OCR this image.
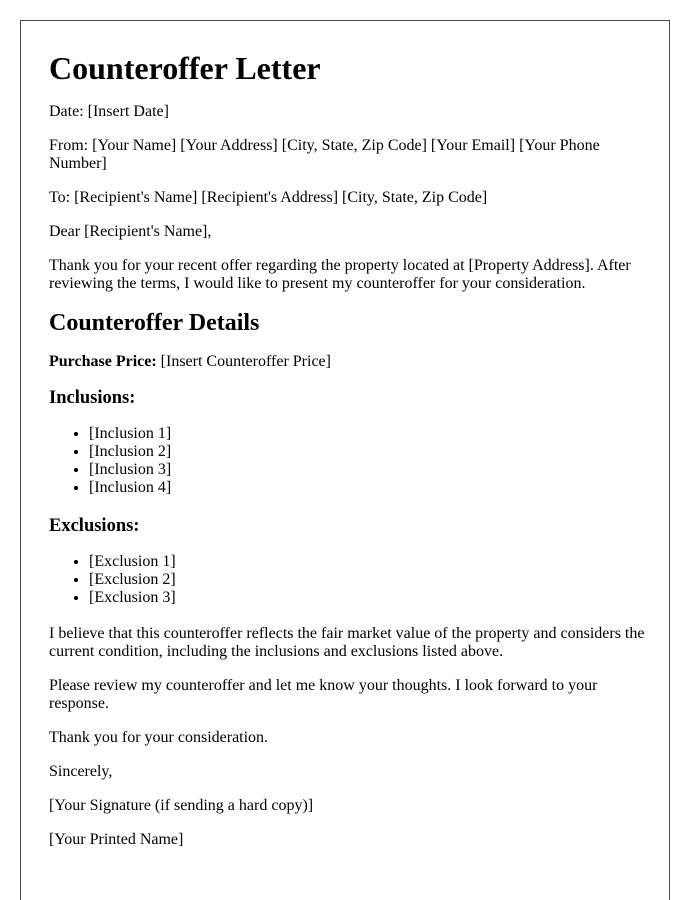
Counteroffer Letter

Date: [Insert Date]

From: [Your Name] [Your Address] [City, State, Zip Code] [Your Email] [Your Phone Number]

To: [Recipient's Name] [Recipient's Address] [City, State, Zip Code]

Dear [Recipient's Name],

Thank you for your recent offer regarding the property located at [Property Address]. After reviewing the terms, I would like to present my counteroffer for your consideration.

Counteroffer Details

Purchase Price: [Insert Counteroffer Price]

Inclusions:
• [Inclusion 1]
• [Inclusion 2]
• [Inclusion 3]
• [Inclusion 4]
Exclusions:
• [Exclusion 1]
• [Exclusion 2]
• [Exclusion 3]

I believe that this counteroffer reflects the fair market value of the property and considers the current condition, including the inclusions and exclusions listed above.

Please review my counteroffer and let me know your thoughts. I look forward to your response.

Thank you for your consideration.

Sincerely,

[Your Signature (if sending a hard copy)]

[Your Printed Name]
